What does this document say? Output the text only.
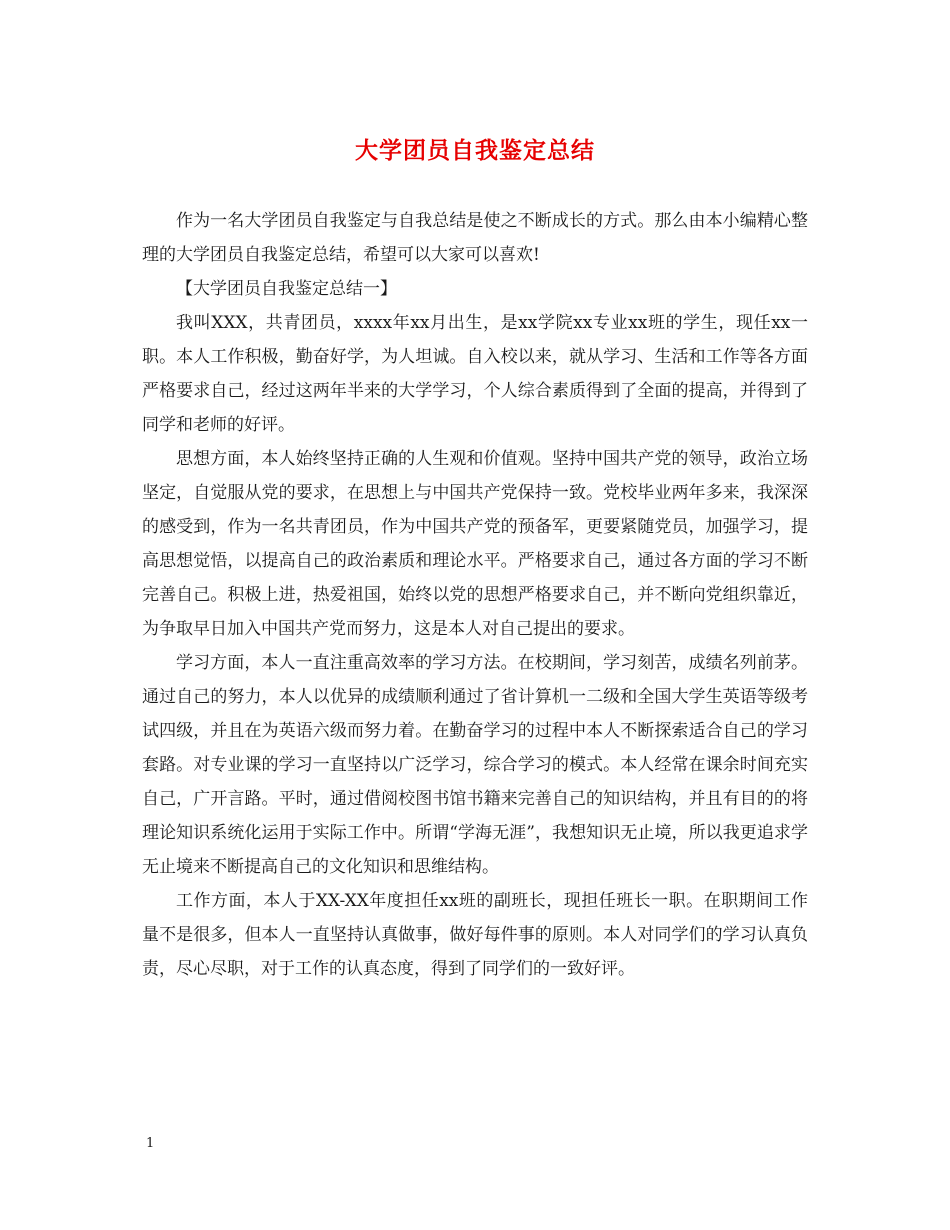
大学团员自我鉴定总结

作为一名大学团员自我鉴定与自我总结是使之不断成长的方式。那么由本小编精心整理的大学团员自我鉴定总结，希望可以大家可以喜欢!

【大学团员自我鉴定总结一】

我叫XXX，共青团员，xxxx年xx月出生，是xx学院xx专业xx班的学生，现任xx一职。本人工作积极，勤奋好学，为人坦诚。自入校以来，就从学习、生活和工作等各方面严格要求自己，经过这两年半来的大学学习，个人综合素质得到了全面的提高，并得到了同学和老师的好评。

思想方面，本人始终坚持正确的人生观和价值观。坚持中国共产党的领导，政治立场坚定，自觉服从党的要求，在思想上与中国共产党保持一致。党校毕业两年多来，我深深的感受到，作为一名共青团员，作为中国共产党的预备军，更要紧随党员，加强学习，提高思想觉悟，以提高自己的政治素质和理论水平。严格要求自己，通过各方面的学习不断完善自己。积极上进，热爱祖国，始终以党的思想严格要求自己，并不断向党组织靠近，为争取早日加入中国共产党而努力，这是本人对自己提出的要求。

学习方面，本人一直注重高效率的学习方法。在校期间，学习刻苦，成绩名列前茅。通过自己的努力，本人以优异的成绩顺利通过了省计算机一二级和全国大学生英语等级考试四级，并且在为英语六级而努力着。在勤奋学习的过程中本人不断探索适合自己的学习套路。对专业课的学习一直坚持以广泛学习，综合学习的模式。本人经常在课余时间充实自己，广开言路。平时，通过借阅校图书馆书籍来完善自己的知识结构，并且有目的的将理论知识系统化运用于实际工作中。所谓“学海无涯”，我想知识无止境，所以我更追求学无止境来不断提高自己的文化知识和思维结构。

工作方面，本人于XX-XX年度担任xx班的副班长，现担任班长一职。在职期间工作量不是很多，但本人一直坚持认真做事，做好每件事的原则。本人对同学们的学习认真负责，尽心尽职，对于工作的认真态度，得到了同学们的一致好评。

1
